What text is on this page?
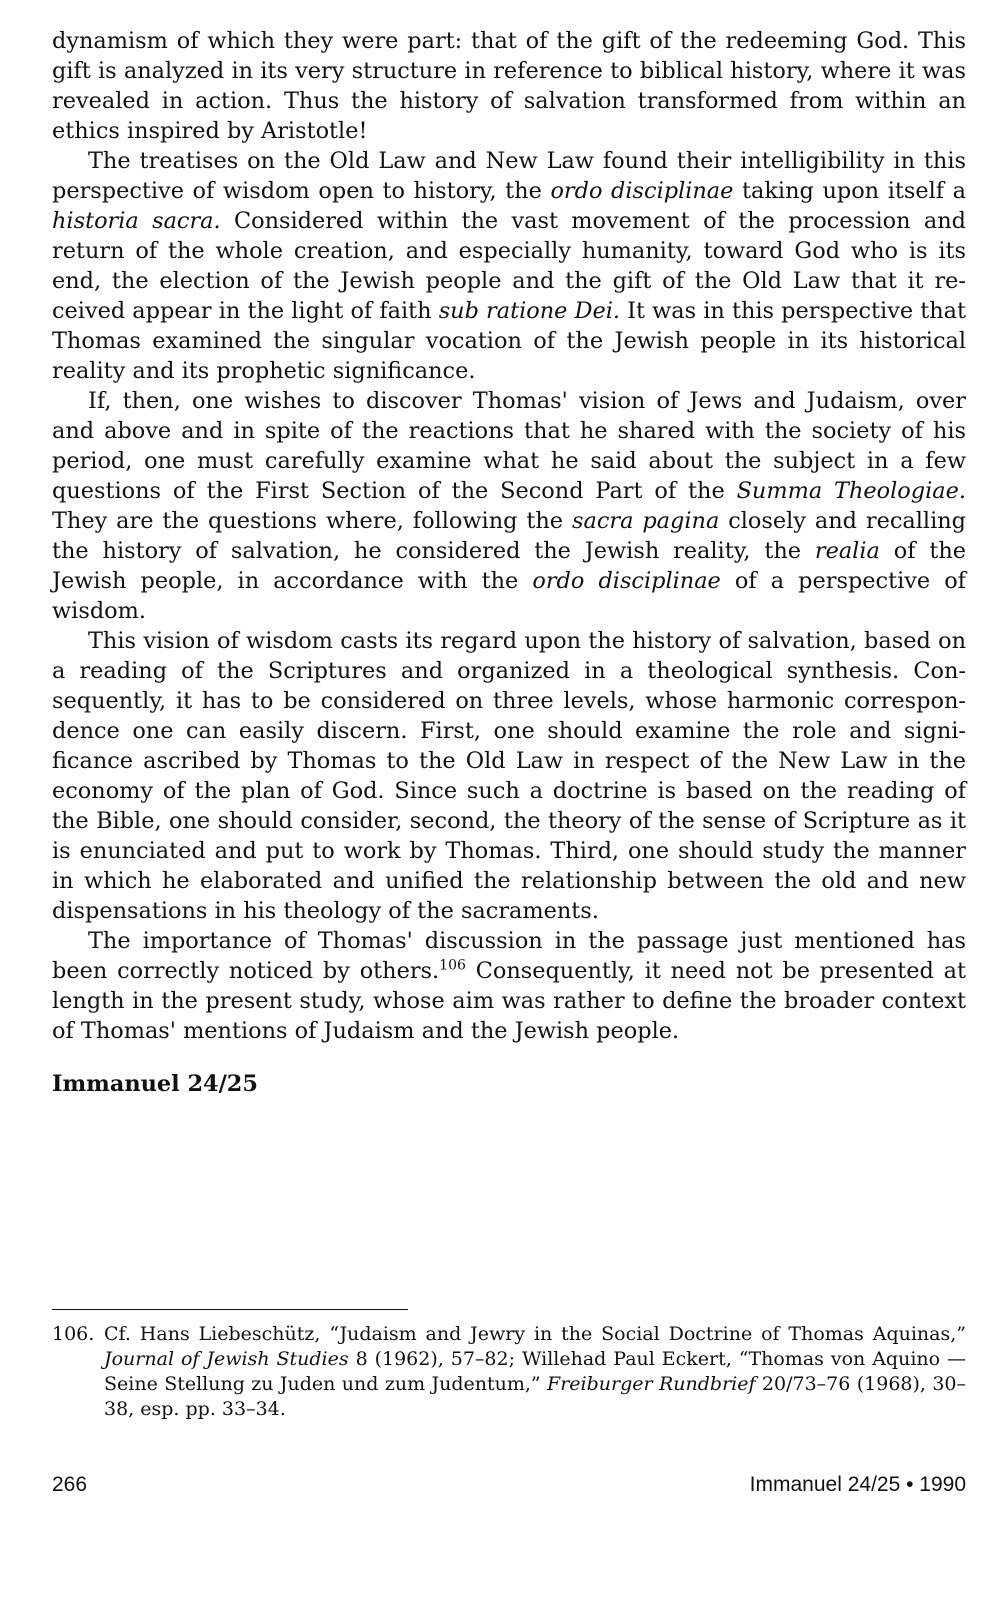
dynamism of which they were part: that of the gift of the redeeming God. This gift is analyzed in its very structure in reference to biblical history, where it was revealed in action. Thus the history of salvation transformed from within an ethics inspired by Aristotle!

The treatises on the Old Law and New Law found their intelligibility in this perspective of wisdom open to history, the ordo disciplinae taking upon itself a historia sacra. Considered within the vast movement of the procession and return of the whole creation, and especially humanity, toward God who is its end, the election of the Jewish people and the gift of the Old Law that it received appear in the light of faith sub ratione Dei. It was in this perspective that Thomas examined the singular vocation of the Jewish people in its historical reality and its prophetic significance.

If, then, one wishes to discover Thomas' vision of Jews and Judaism, over and above and in spite of the reactions that he shared with the society of his period, one must carefully examine what he said about the subject in a few questions of the First Section of the Second Part of the Summa Theologiae. They are the questions where, following the sacra pagina closely and recalling the history of salvation, he considered the Jewish reality, the realia of the Jewish people, in accordance with the ordo disciplinae of a perspective of wisdom.

This vision of wisdom casts its regard upon the history of salvation, based on a reading of the Scriptures and organized in a theological synthesis. Consequently, it has to be considered on three levels, whose harmonic correspondence one can easily discern. First, one should examine the role and significance ascribed by Thomas to the Old Law in respect of the New Law in the economy of the plan of God. Since such a doctrine is based on the reading of the Bible, one should consider, second, the theory of the sense of Scripture as it is enunciated and put to work by Thomas. Third, one should study the manner in which he elaborated and unified the relationship between the old and new dispensations in his theology of the sacraments.

The importance of Thomas' discussion in the passage just mentioned has been correctly noticed by others.$^{106}$ Consequently, it need not be presented at length in the present study, whose aim was rather to define the broader context of Thomas' mentions of Judaism and the Jewish people.

Immanuel 24/25
106. Cf. Hans Liebeschütz, “Judaism and Jewry in the Social Doctrine of Thomas Aquinas,” Journal of Jewish Studies 8 (1962), 57–82; Willehad Paul Eckert, “Thomas von Aquino — Seine Stellung zu Juden und zum Judentum,” Freiburger Rundbrief 20/73–76 (1968), 30–38, esp. pp. 33–34.
266	Immanuel 24/25 • 1990
